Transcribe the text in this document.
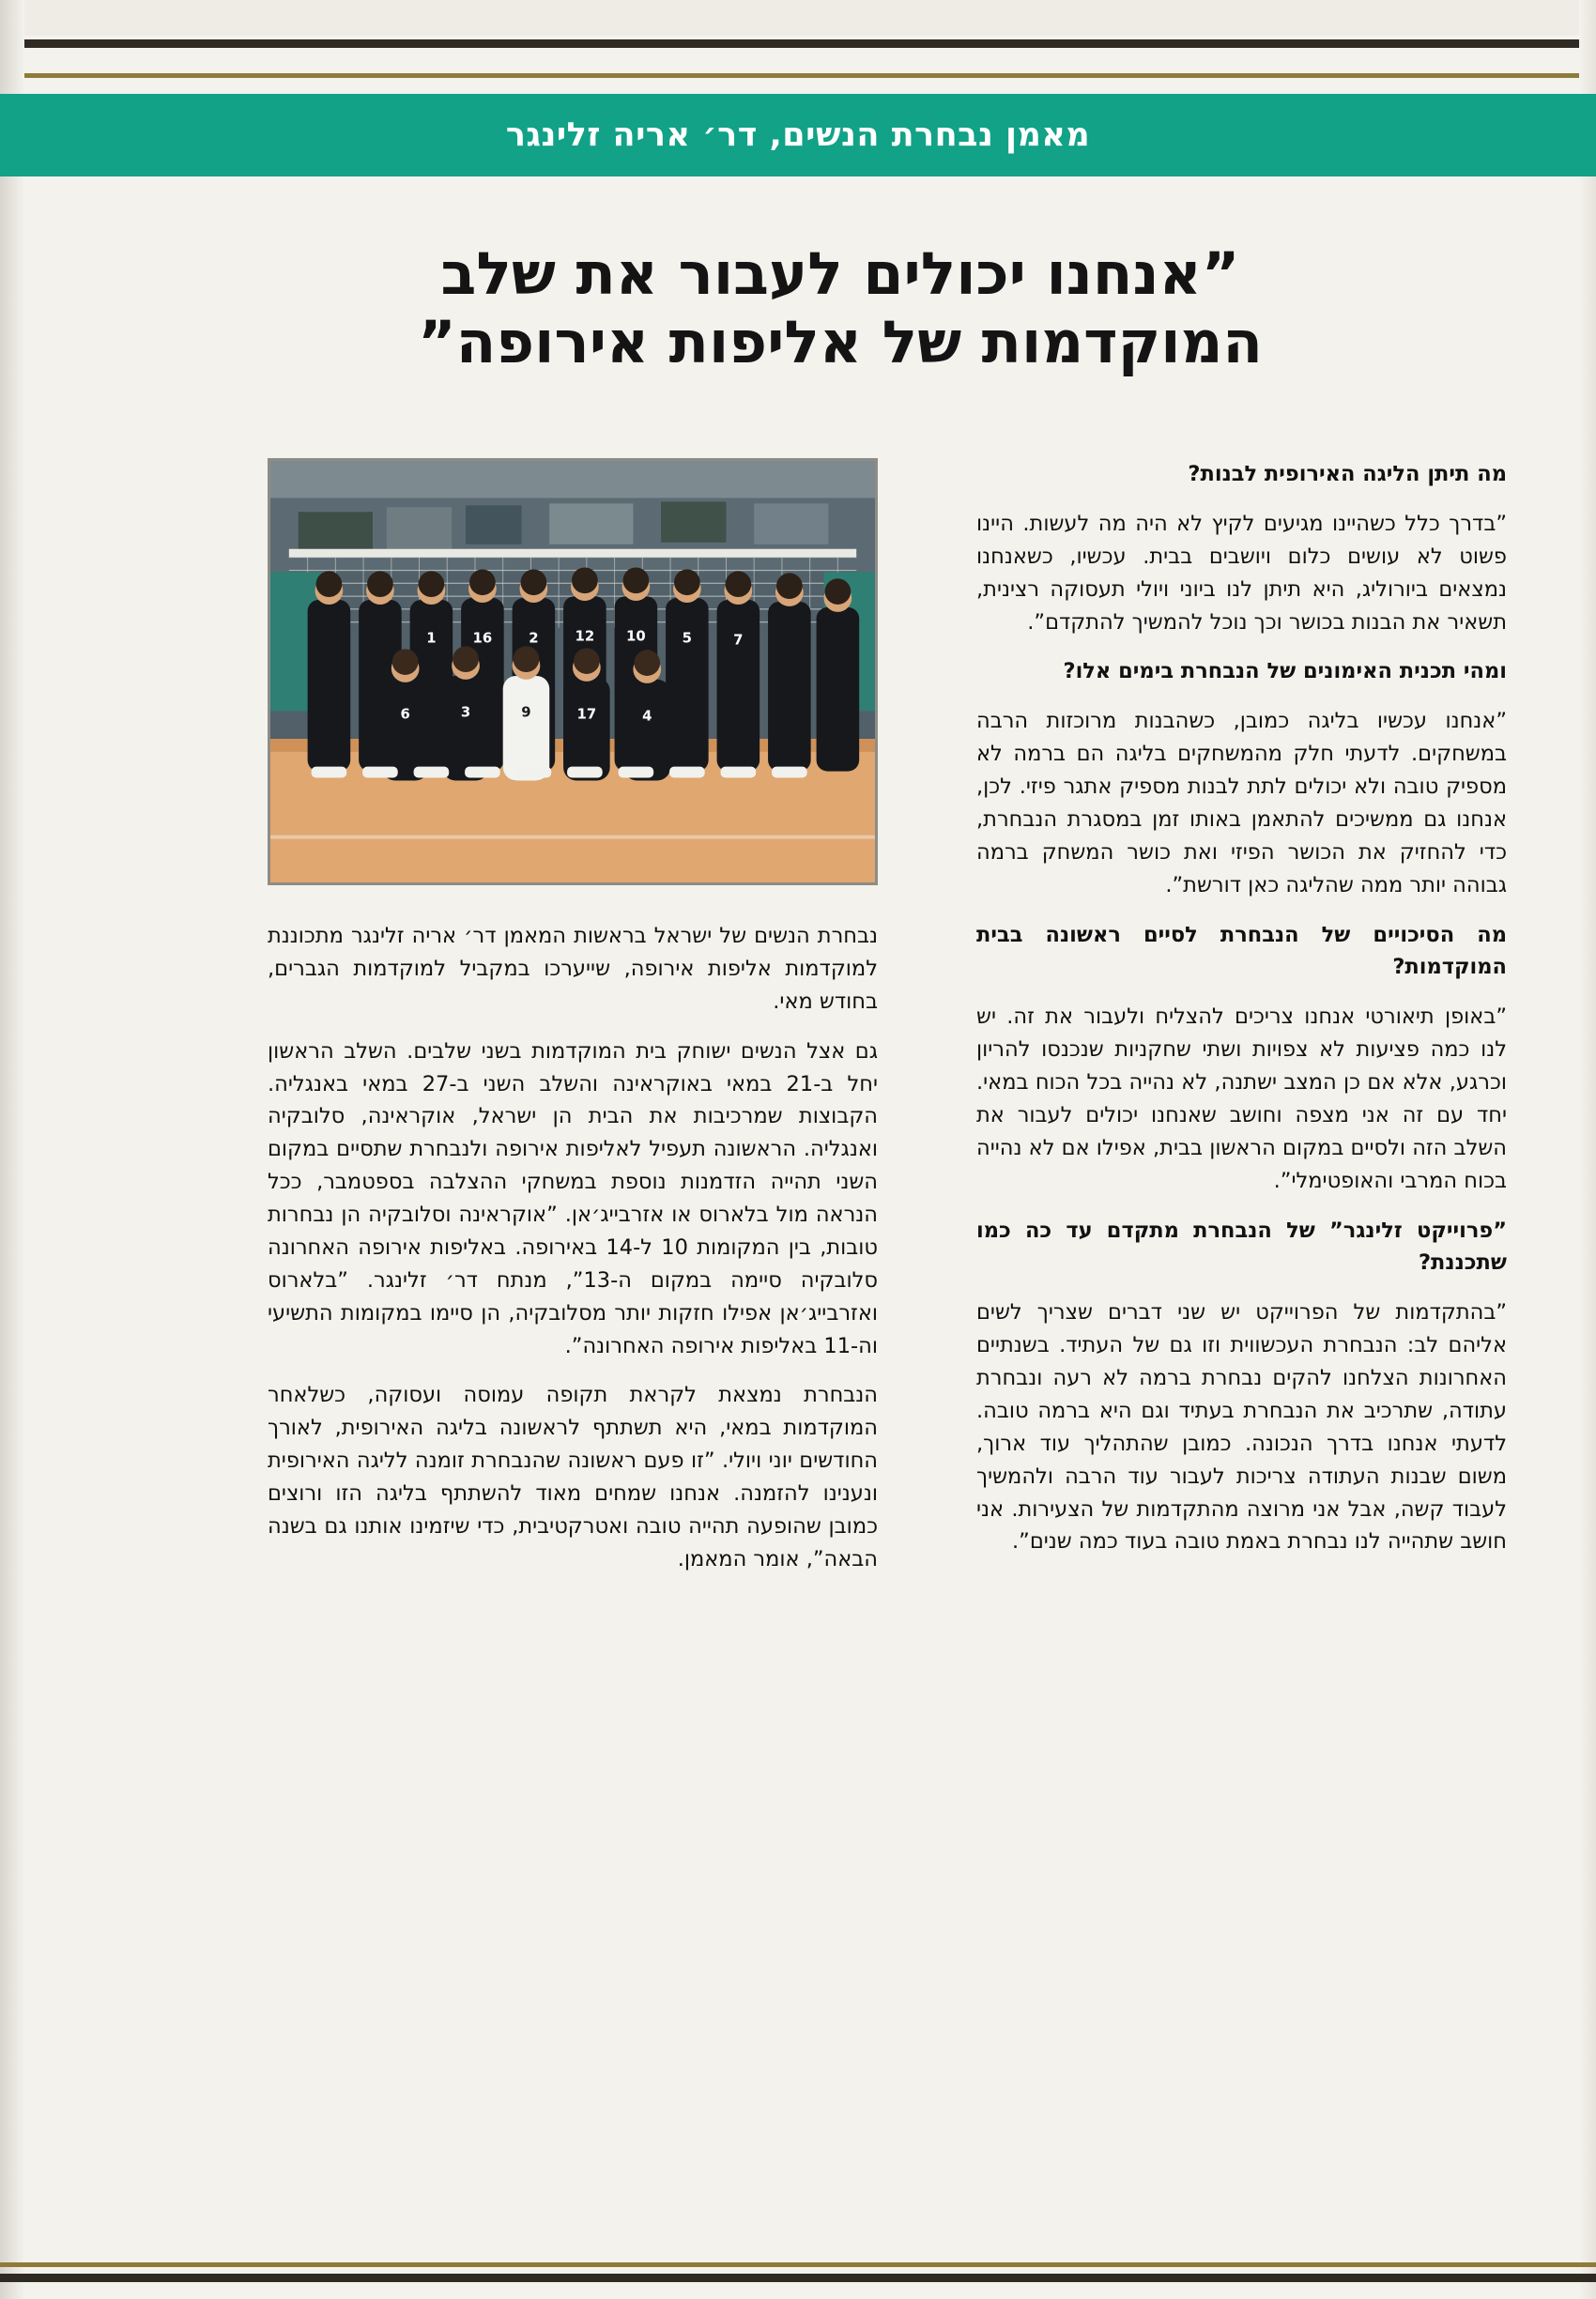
מאמן נבחרת הנשים, דר׳ אריה זלינגר
”אנחנו יכולים לעבור את שלב
המוקדמות של אליפות אירופה”
1	16	2	12 10	5	7
6	3	17	4
9

מה תיתן הליגה האירופית לבנות?

”בדרך כלל כשהיינו מגיעים לקיץ לא היה מה לעשות. היינו פשוט לא עושים כלום ויושבים בבית. עכשיו, כשאנחנו נמצאים ביורוליג, היא תיתן לנו ביוני ויולי תעסוקה רצינית, תשאיר את הבנות בכושר וכך נוכל להמשיך להתקדם”.

ומהי תכנית האימונים של הנבחרת בימים אלו?

”אנחנו עכשיו בליגה כמובן, כשהבנות מרוכזות הרבה במשחקים. לדעתי חלק מהמשחקים בליגה הם ברמה לא מספיק טובה ולא יכולים לתת לבנות מספיק אתגר פיזי. לכן, אנחנו גם ממשיכים להתאמן באותו זמן במסגרת הנבחרת, כדי להחזיק את הכושר הפיזי ואת כושר המשחק ברמה גבוהה יותר ממה שהליגה כאן דורשת”.

מה הסיכויים של הנבחרת לסיים ראשונה בבית המוקדמות?

”באופן תיאורטי אנחנו צריכים להצליח ולעבור את זה. יש לנו כמה פציעות לא צפויות ושתי שחקניות שנכנסו להריון וכרגע, אלא אם כן המצב ישתנה, לא נהייה בכל הכוח במאי. יחד עם זה אני מצפה וחושב שאנחנו יכולים לעבור את השלב הזה ולסיים במקום הראשון בבית, אפילו אם לא נהייה בכוח המרבי והאופטימלי”.

”פרוייקט זלינגר” של הנבחרת מתקדם עד כה כמו שתכננת?

”בהתקדמות של הפרוייקט יש שני דברים שצריך לשים אליהם לב: הנבחרת העכשווית וזו גם של העתיד. בשנתיים האחרונות הצלחנו להקים נבחרת ברמה לא רעה ונבחרת עתודה, שתרכיב את הנבחרת בעתיד וגם היא ברמה טובה. לדעתי אנחנו בדרך הנכונה. כמובן שהתהליך עוד ארוך, משום שבנות העתודה צריכות לעבור עוד הרבה ולהמשיך לעבוד קשה, אבל אני מרוצה מהתקדמות של הצעירות. אני חושב שתהייה לנו נבחרת באמת טובה בעוד כמה שנים”.

נבחרת הנשים של ישראל בראשות המאמן דר׳ אריה זלינגר מתכוננת למוקדמות אליפות אירופה, שייערכו במקביל למוקדמות הגברים, בחודש מאי.

גם אצל הנשים ישוחק בית המוקדמות בשני שלבים. השלב הראשון יחל ב-21 במאי באוקראינה והשלב השני ב-27 במאי באנגליה. הקבוצות שמרכיבות את הבית הן ישראל, אוקראינה, סלובקיה ואנגליה. הראשונה תעפיל לאליפות אירופה ולנבחרת שתסיים במקום השני תהייה הזדמנות נוספת במשחקי ההצלבה בספטמבר, ככל הנראה מול בלארוס או אזרבייג׳אן. ”אוקראינה וסלובקיה הן נבחרות טובות, בין המקומות 10 ל-14 באירופה. באליפות אירופה האחרונה סלובקיה סיימה במקום ה-13”, מנתח דר׳ זלינגר. ”בלארוס ואזרבייג׳אן אפילו חזקות יותר מסלובקיה, הן סיימו במקומות התשיעי וה-11 באליפות אירופה האחרונה”.

הנבחרת נמצאת לקראת תקופה עמוסה ועסוקה, כשלאחר המוקדמות במאי, היא תשתתף לראשונה בליגה האירופית, לאורך החודשים יוני ויולי. ”זו פעם ראשונה שהנבחרת זומנה לליגה האירופית ונענינו להזמנה. אנחנו שמחים מאוד להשתתף בליגה הזו ורוצים כמובן שהופעה תהייה טובה ואטרקטיבית, כדי שיזמינו אותנו גם בשנה הבאה”, אומר המאמן.
